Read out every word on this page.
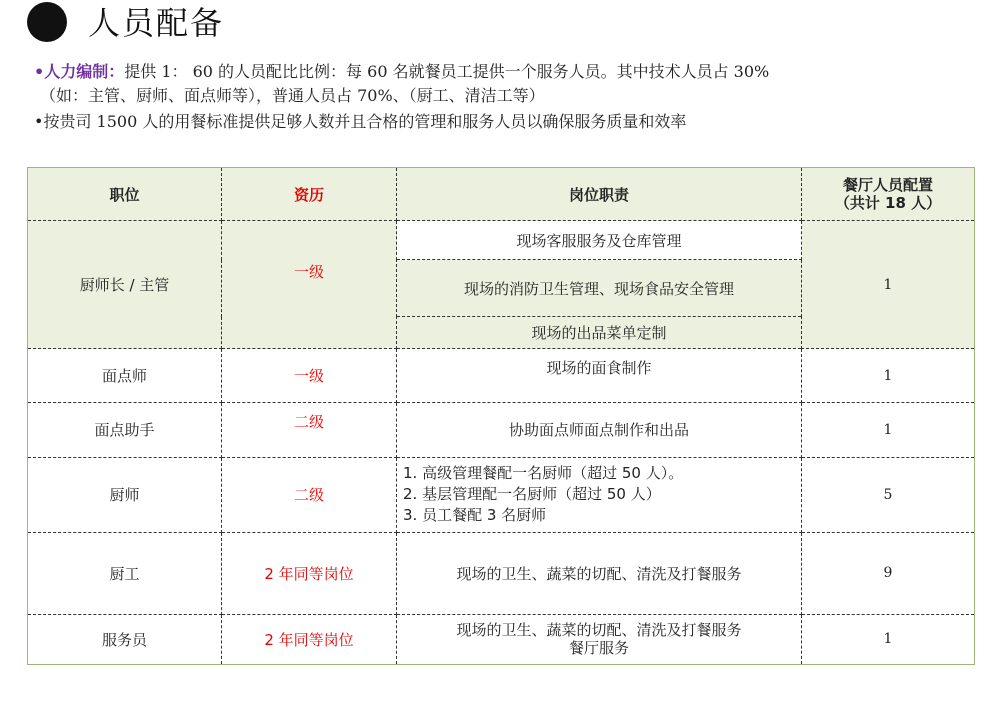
人员配备

•人力编制：提供 1： 60 的人员配比比例：每 60 名就餐员工提供一个服务人员。其中技术人员占 30%

（如：主管、厨师、面点师等），普通人员占 70%、（厨工、清洁工等）

•按贵司 1500 人的用餐标准提供足够人数并且合格的管理和服务人员以确保服务质量和效率

职位	资历	岗位职责	餐厅人员配置
（共计 18 人）

厨师长 / 主管	一级	现场客服服务及仓库管理	1
		现场的消防卫生管理、现场食品安全管理	
		现场的出品菜单定制	
面点师	一级	现场的面食制作	1
面点助手	二级	协助面点师面点制作和出品	1
厨师	二级	1. 高级管理餐配一名厨师（超过 50 人）。
2. 基层管理配一名厨师（超过 50 人）
3. 员工餐配 3 名厨师	5
厨工	2 年同等岗位	现场的卫生、蔬菜的切配、清洗及打餐服务	9
服务员	2 年同等岗位	现场的卫生、蔬菜的切配、清洗及打餐服务
餐厅服务	1
